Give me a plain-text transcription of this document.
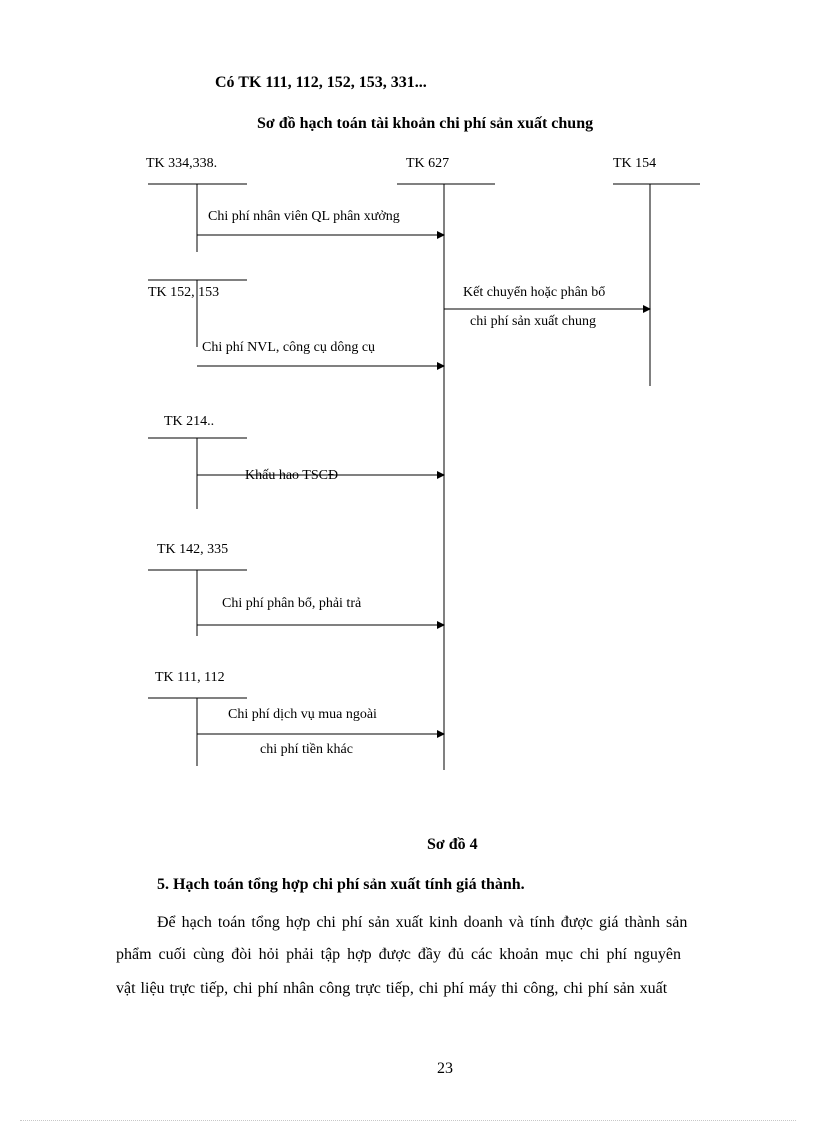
Có TK 111, 112, 152, 153, 331...
Sơ đồ hạch toán tài khoản chi phí sản xuất chung
TK 334,338.	TK 627	TK 154
Chi phí nhân viên QL phân xưởng
TK 152, 153
Chi phí NVL, công cụ dông cụ
Kết chuyển hoặc phân bổ
chi phí sản xuất chung
TK 214..
Khấu hao TSCĐ
TK 142, 335
Chi phí phân bổ, phải trả
TK 111, 112
Chi phí dịch vụ mua ngoài
chi phí tiền khác
Sơ đồ 4
5. Hạch toán tổng hợp chi phí sản xuất tính giá thành.
Để hạch toán tổng hợp chi phí sản xuất kinh doanh và tính được giá thành sản
phẩm cuối cùng đòi hỏi phải tập hợp được đầy đủ các khoản mục chi phí nguyên
vật liệu trực tiếp, chi phí nhân công trực tiếp, chi phí máy thi công, chi phí sản xuất
23
